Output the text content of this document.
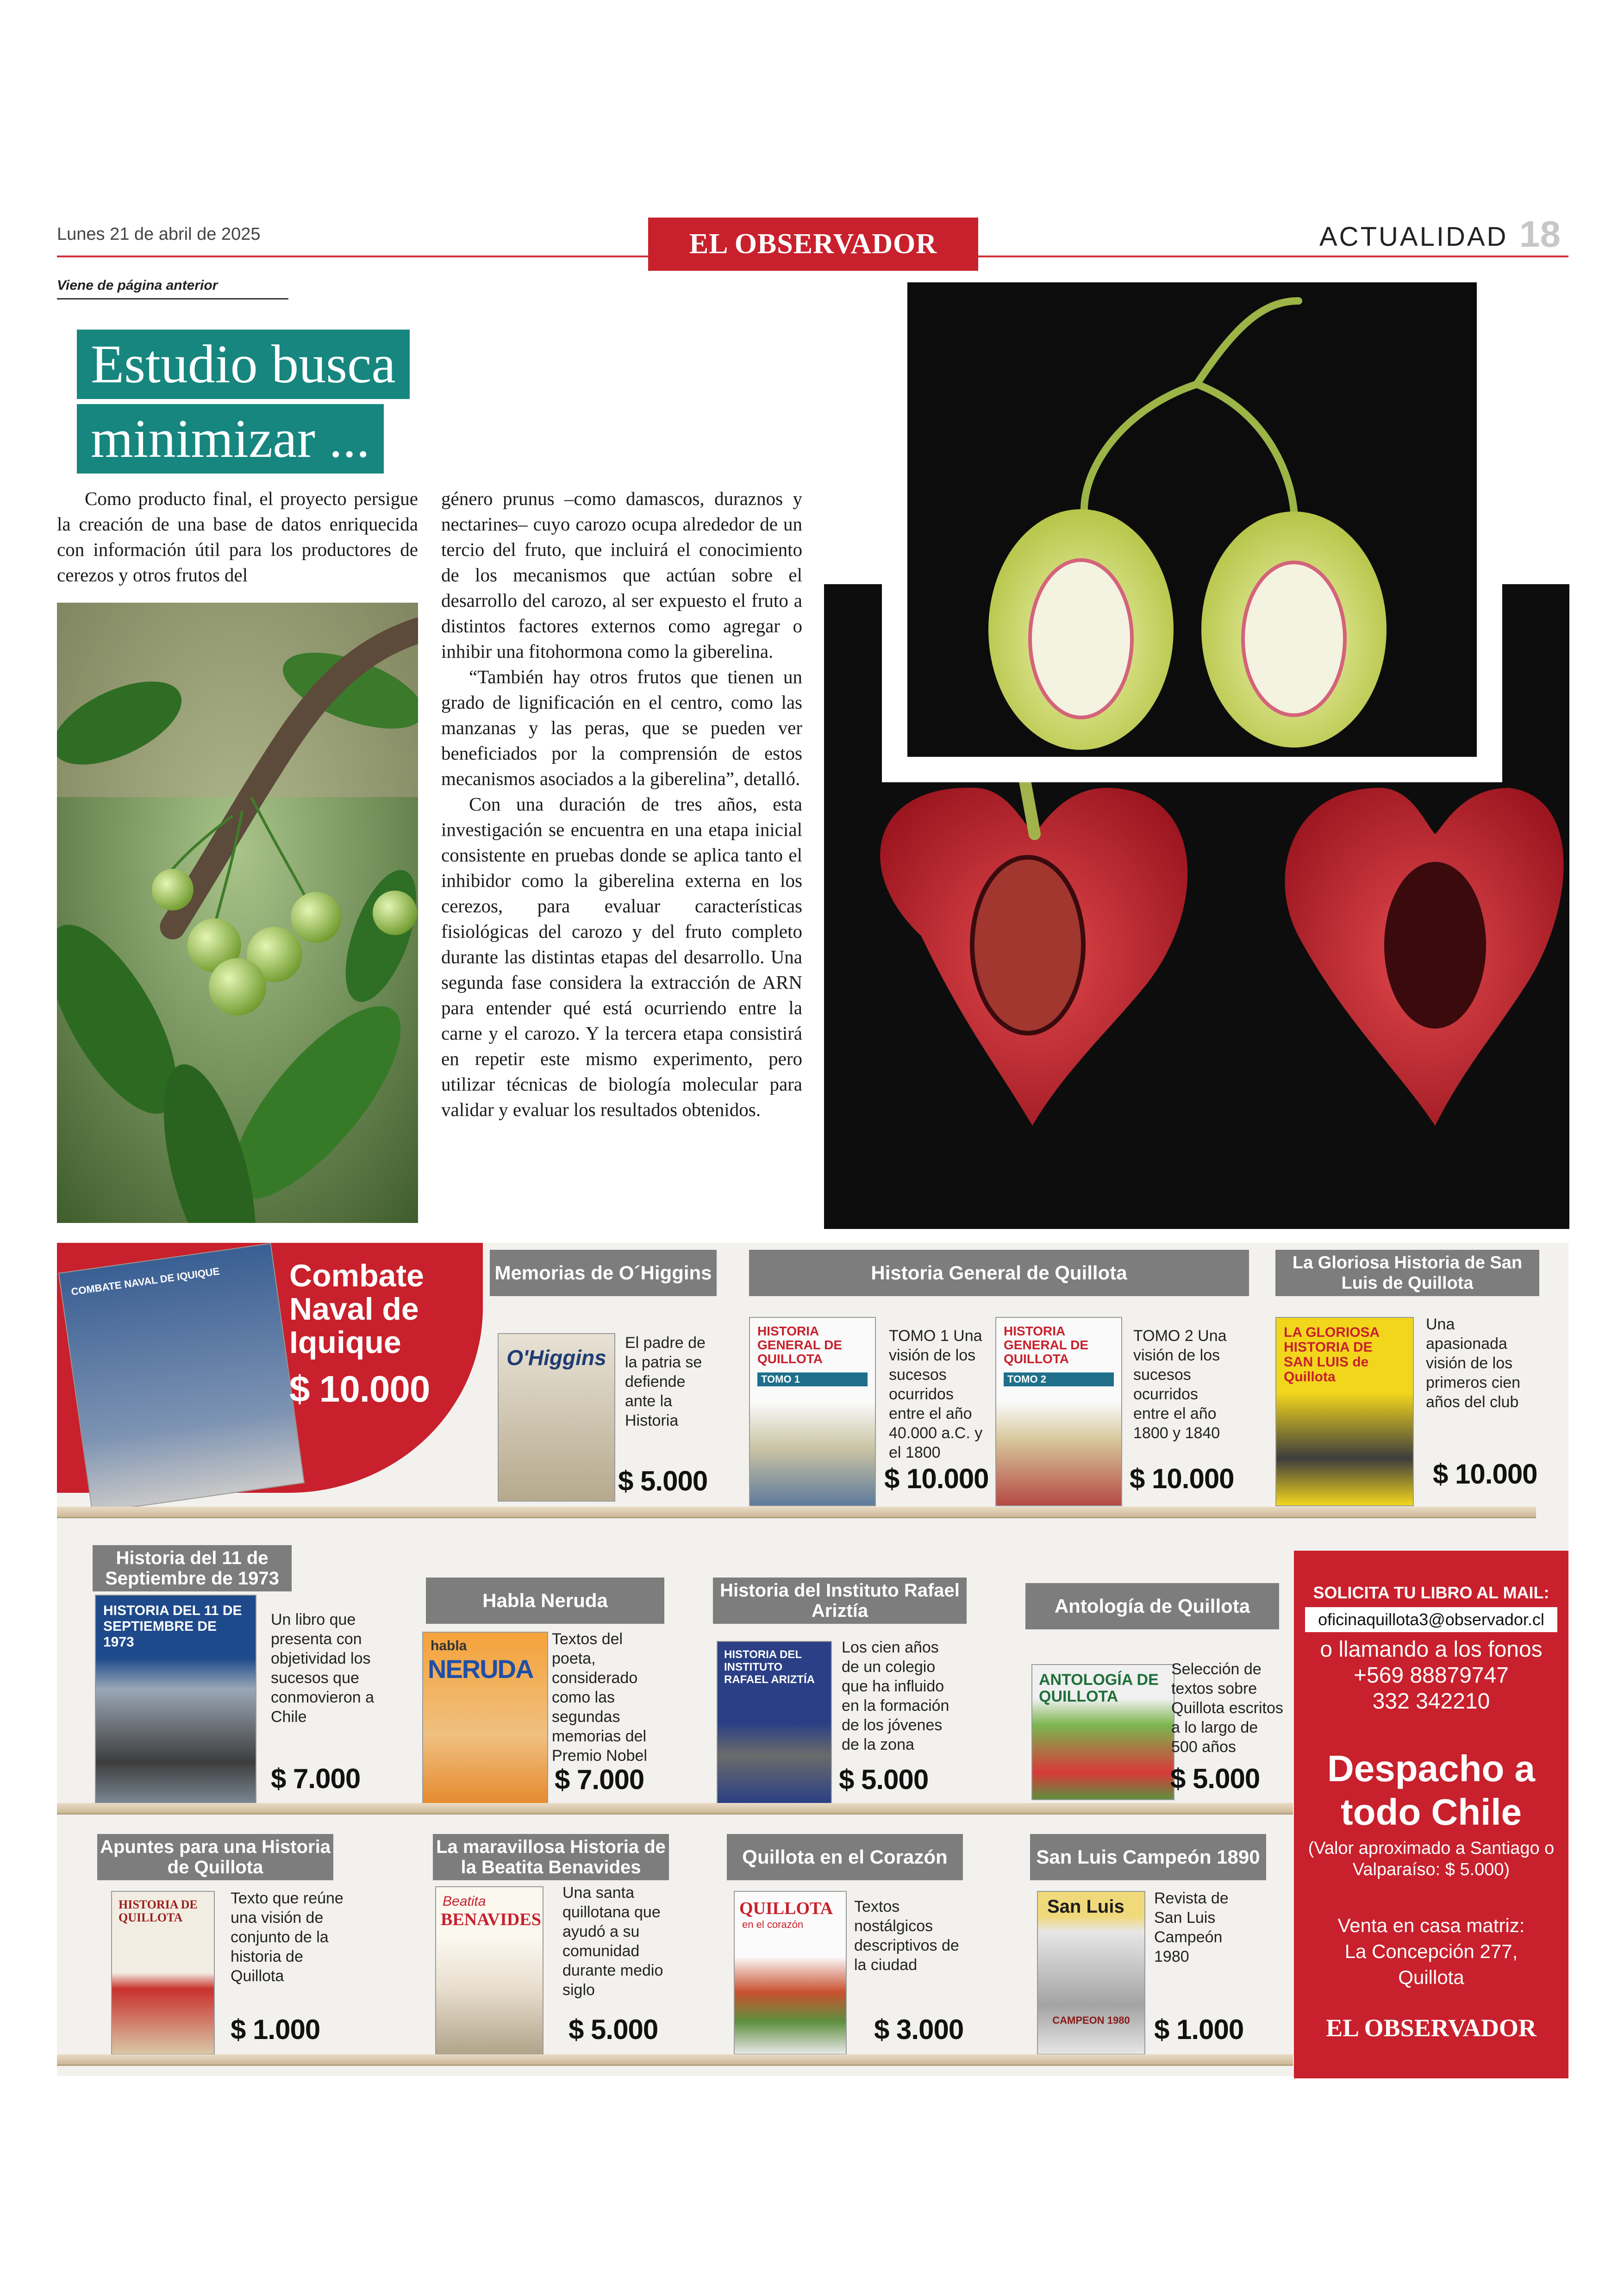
Lunes 21 de abril de 2025	EL OBSERVADOR	ACTUALIDAD 18
Viene de página anterior
Estudio busca
minimizar ...

Como producto final, el proyecto persigue la creación de una base de datos enriquecida con información útil para los productores de cerezos y otros frutos del

género prunus –como damascos, duraznos y nectarines– cuyo carozo ocupa alrededor de un tercio del fruto, que incluirá el conocimiento de los mecanismos que actúan sobre el desarrollo del carozo, al ser expuesto el fruto a distintos factores externos como agregar o inhibir una fitohormona como la giberelina.

“También hay otros frutos que tienen un grado de lignificación en el centro, como las manzanas y las peras, que se pueden ver beneficiados por la comprensión de estos mecanismos asociados a la giberelina”, detalló.

Con una duración de tres años, esta investigación se encuentra en una etapa inicial consistente en pruebas donde se aplica tanto el inhibidor como la giberelina externa en los cerezos, para evaluar características fisiológicas del carozo y del fruto completo durante las distintas etapas del desarrollo. Una segunda fase considera la extracción de ARN para entender qué está ocurriendo entre la carne y el carozo. Y la tercera etapa consistirá en repetir este mismo experimento, pero utilizar técnicas de biología molecular para validar y evaluar los resultados obtenidos.

COMBATE NAVAL DE IQUIQUE	Combate Naval de Iquique
$ 10.000
Memorias de O´Higgins
O'Higgins
El padre de la patria se defiende ante la Historia
$ 5.000
Historia General de Quillota
HISTORIA GENERAL DE QUILLOTA
TOMO 1
TOMO 1 Una visión de los sucesos ocurridos entre el año 40.000 a.C. y el 1800
$ 10.000
HISTORIA GENERAL DE QUILLOTA
TOMO 2
TOMO 2 Una visión de los sucesos ocurridos entre el año 1800 y 1840
$ 10.000
La Gloriosa Historia de San Luis de Quillota
LA GLORIOSA HISTORIA DE SAN LUIS de Quillota
Una apasionada visión de los primeros cien años del club
$ 10.000
Historia del 11 de Septiembre de 1973
HISTORIA DEL 11 DE SEPTIEMBRE DE 1973
Un libro que presenta con objetividad los sucesos que conmovieron a Chile
$ 7.000
Habla Neruda
habla
NERUDA
Textos del poeta, considerado como las segundas memorias del Premio Nobel
$ 7.000
Historia del Instituto Rafael Ariztía
HISTORIA DEL INSTITUTO RAFAEL ARIZTÍA
Los cien años de un colegio que ha influido en la formación de los jóvenes de la zona
$ 5.000
Antología de Quillota
ANTOLOGÍA DE QUILLOTA
Selección de textos sobre Quillota escritos a lo largo de 500 años
$ 5.000
Apuntes para una Historia de Quillota
HISTORIA DE QUILLOTA
Texto que reúne una visión de conjunto de la historia de Quillota
$ 1.000
La maravillosa Historia de la Beatita Benavides
Beatita
BENAVIDES
Una santa quillotana que ayudó a su comunidad durante medio siglo
$ 5.000
Quillota en el Corazón
QUILLOTA
en el corazón
Textos nostálgicos descriptivos de la ciudad
$ 3.000
San Luis Campeón 1890
San Luis
CAMPEON 1980
Revista de San Luis Campeón 1980
$ 1.000
SOLICITA TU LIBRO AL MAIL:
oficinaquillota3@observador.cl
o llamando a los fonos
+569 88879747
332 342210
Despacho a todo Chile
(Valor aproximado a Santiago o Valparaíso: $ 5.000)
Venta en casa matriz:
La Concepción 277, Quillota
EL OBSERVADOR
